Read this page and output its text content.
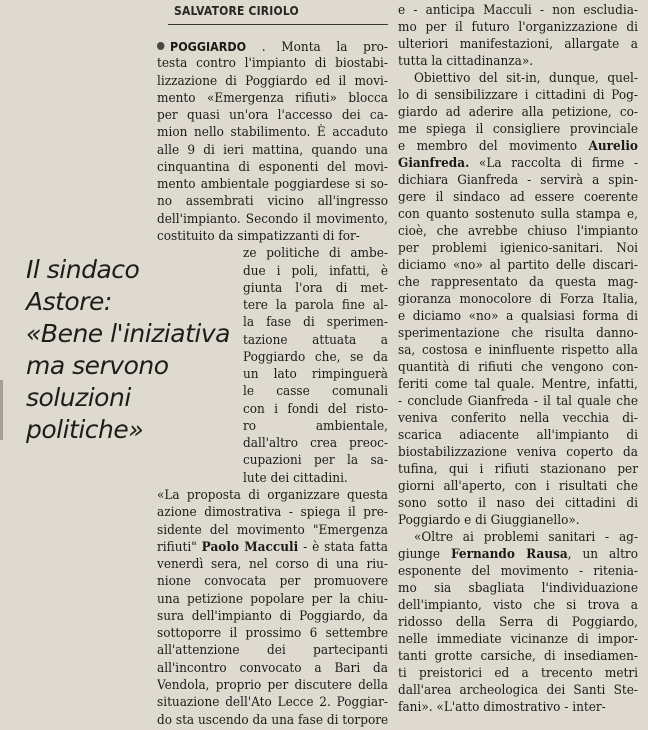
SALVATORE CIRIOLO
Il sindaco
Astore:
«Bene l'iniziativa
ma servono
soluzioni
politiche»
POGGIARDO . Monta la pro-
testa contro l'impianto di biostabi-
lizzazione di Poggiardo ed il movi-
mento «Emergenza rifiuti» blocca
per quasi un'ora l'accesso dei ca-
mion nello stabilimento. È accaduto
alle 9 di ieri mattina, quando una
cinquantina di esponenti del movi-
mento ambientale poggiardese si so-
no assembrati vicino all'ingresso
dell'impianto. Secondo il movimento,
costituito da simpatizzanti di for-
ze politiche di ambe-
due i poli, infatti, è
giunta l'ora di met-
tere la parola fine al-
la fase di sperimen-
tazione attuata a
Poggiardo che, se da
un lato rimpinguerà
le casse comunali
con i fondi del risto-
ro ambientale,
dall'altro crea preoc-
cupazioni per la sa-
lute dei cittadini.
«La proposta di organizzare questa
azione dimostrativa - spiega il pre-
sidente del movimento "Emergenza
rifiuti" Paolo Macculi - è stata fatta
venerdì sera, nel corso di una riu-
nione convocata per promuovere
una petizione popolare per la chiu-
sura dell'impianto di Poggiardo, da
sottoporre il prossimo 6 settembre
all'attenzione dei partecipanti
all'incontro convocato a Bari da
Vendola, proprio per discutere della
situazione dell'Ato Lecce 2. Poggiar-
do sta uscendo da una fase di torpore
e - anticipa Macculi - non escludia-
mo per il futuro l'organizzazione di
ulteriori manifestazioni, allargate a
tutta la cittadinanza».
Obiettivo del sit-in, dunque, quel-
lo di sensibilizzare i cittadini di Pog-
giardo ad aderire alla petizione, co-
me spiega il consigliere provinciale
e membro del movimento Aurelio
Gianfreda. «La raccolta di firme -
dichiara Gianfreda - servirà a spin-
gere il sindaco ad essere coerente
con quanto sostenuto sulla stampa e,
cioè, che avrebbe chiuso l'impianto
per problemi igienico-sanitari. Noi
diciamo «no» al partito delle discari-
che rappresentato da questa mag-
gioranza monocolore di Forza Italia,
e diciamo «no» a qualsiasi forma di
sperimentazione che risulta danno-
sa, costosa e ininfluente rispetto alla
quantità di rifiuti che vengono con-
feriti come tal quale. Mentre, infatti,
- conclude Gianfreda - il tal quale che
veniva conferito nella vecchia di-
scarica adiacente all'impianto di
biostabilizzazione veniva coperto da
tufina, qui i rifiuti stazionano per
giorni all'aperto, con i risultati che
sono sotto il naso dei cittadini di
Poggiardo e di Giuggianello».
«Oltre ai problemi sanitari - ag-
giunge Fernando Rausa, un altro
esponente del movimento - ritenia-
mo sia sbagliata l'individuazione
dell'impianto, visto che si trova a
ridosso della Serra di Poggiardo,
nelle immediate vicinanze di impor-
tanti grotte carsiche, di insediamen-
ti preistorici ed a trecento metri
dall'area archeologica dei Santi Ste-
fani». «L'atto dimostrativo - inter-
